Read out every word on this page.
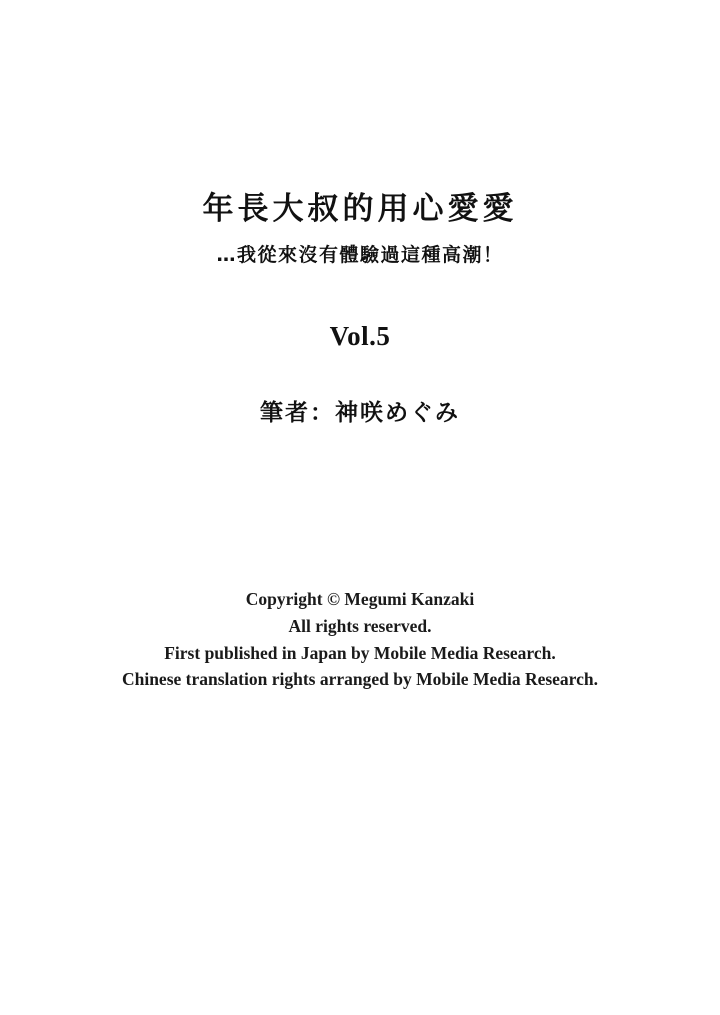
年長大叔的用心愛愛

…我從來沒有體驗過這種高潮！

Vol.5

筆者：神咲めぐみ

Copyright © Megumi Kanzaki
All rights reserved.
First published in Japan by Mobile Media Research.
Chinese translation rights arranged by Mobile Media Research.
